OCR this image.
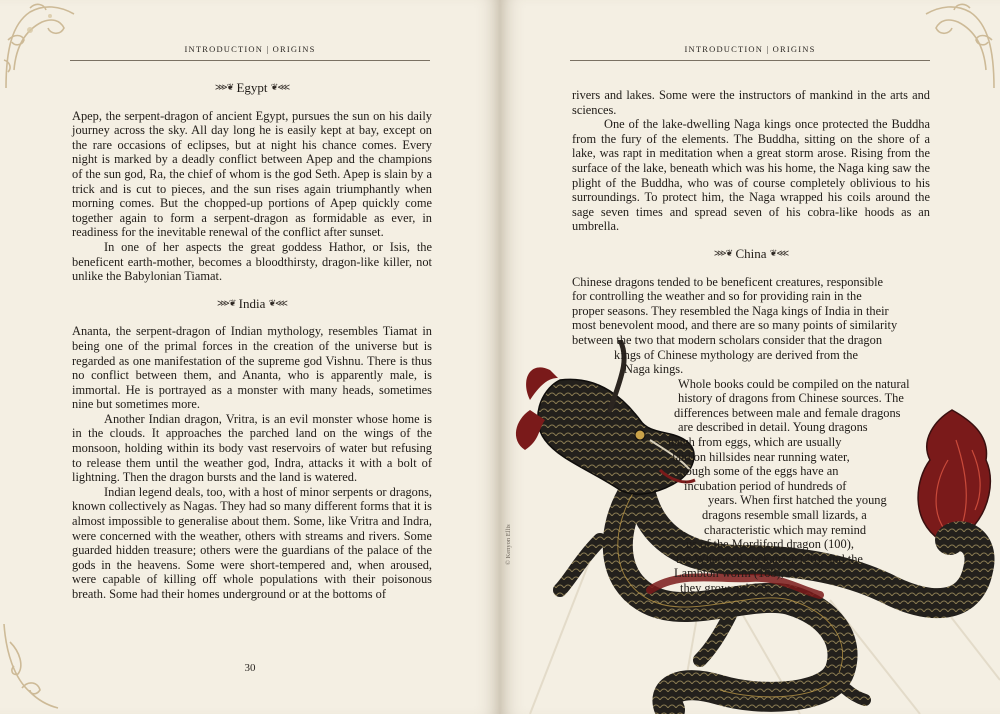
INTRODUCTION | ORIGINS
⋙❦ Egypt ❦⋘

Apep, the serpent-dragon of ancient Egypt, pursues the sun on his daily journey across the sky. All day long he is easily kept at bay, except on the rare occasions of eclipses, but at night his chance comes. Every night is marked by a deadly conflict between Apep and the champions of the sun god, Ra, the chief of whom is the god Seth. Apep is slain by a trick and is cut to pieces, and the sun rises again triumphantly when morning comes. But the chopped-up portions of Apep quickly come together again to form a serpent-dragon as formidable as ever, in readiness for the inevitable renewal of the conflict after sunset.

In one of her aspects the great goddess Hathor, or Isis, the beneficent earth-mother, becomes a bloodthirsty, dragon-like killer, not unlike the Babylonian Tiamat.

⋙❦ India ❦⋘

Ananta, the serpent-dragon of Indian mythology, resembles Tiamat in being one of the primal forces in the creation of the universe but is regarded as one manifestation of the supreme god Vishnu. There is thus no conflict between them, and Ananta, who is apparently male, is immortal. He is portrayed as a monster with many heads, sometimes nine but sometimes more.

Another Indian dragon, Vritra, is an evil monster whose home is in the clouds. It approaches the parched land on the wings of the monsoon, holding within its body vast reservoirs of water but refusing to release them until the weather god, Indra, attacks it with a bolt of lightning. Then the dragon bursts and the land is watered.

Indian legend deals, too, with a host of minor serpents or dragons, known collectively as Nagas. They had so many different forms that it is almost impossible to generalise about them. Some, like Vritra and Indra, were concerned with the weather, others with streams and rivers. Some guarded hidden treasure; others were the guardians of the palace of the gods in the heavens. Some were short-tempered and, when aroused, were capable of killing off whole populations with their poisonous breath. Some had their homes underground or at the bottoms of

30
© Kenyon Ellis
INTRODUCTION | ORIGINS

rivers and lakes. Some were the instructors of mankind in the arts and sciences.

One of the lake-dwelling Naga kings once protected the Buddha from the fury of the elements. The Buddha, sitting on the shore of a lake, was rapt in meditation when a great storm arose. Rising from the surface of the lake, beneath which was his home, the Naga king saw the plight of the Buddha, who was of course completely oblivious to his surroundings. To protect him, the Naga wrapped his coils around the sage seven times and spread seven of his cobra-like hoods as an umbrella.

⋙❦ China ❦⋘
Chinese dragons tended to be beneficent creatures, responsible
for controlling the weather and so for providing rain in the
proper seasons. They resembled the Naga kings of India in their
most benevolent mood, and there are so many points of similarity
between the two that modern scholars consider that the dragon
kings of Chinese mythology are derived from the
Naga kings.
Whole books could be compiled on the natural
history of dragons from Chinese sources. The
differences between male and female dragons
are described in detail. Young dragons
hatch from eggs, which are usually
laid on hillsides near running water,
though some of the eggs have an
incubation period of hundreds of
years. When first hatched the young
dragons resemble small lizards, a
characteristic which may remind
us of the Mordiford dragon (100),
the Wherwell cockatrice (28), and the
Lambton worm (168), but
they grow quickly.
